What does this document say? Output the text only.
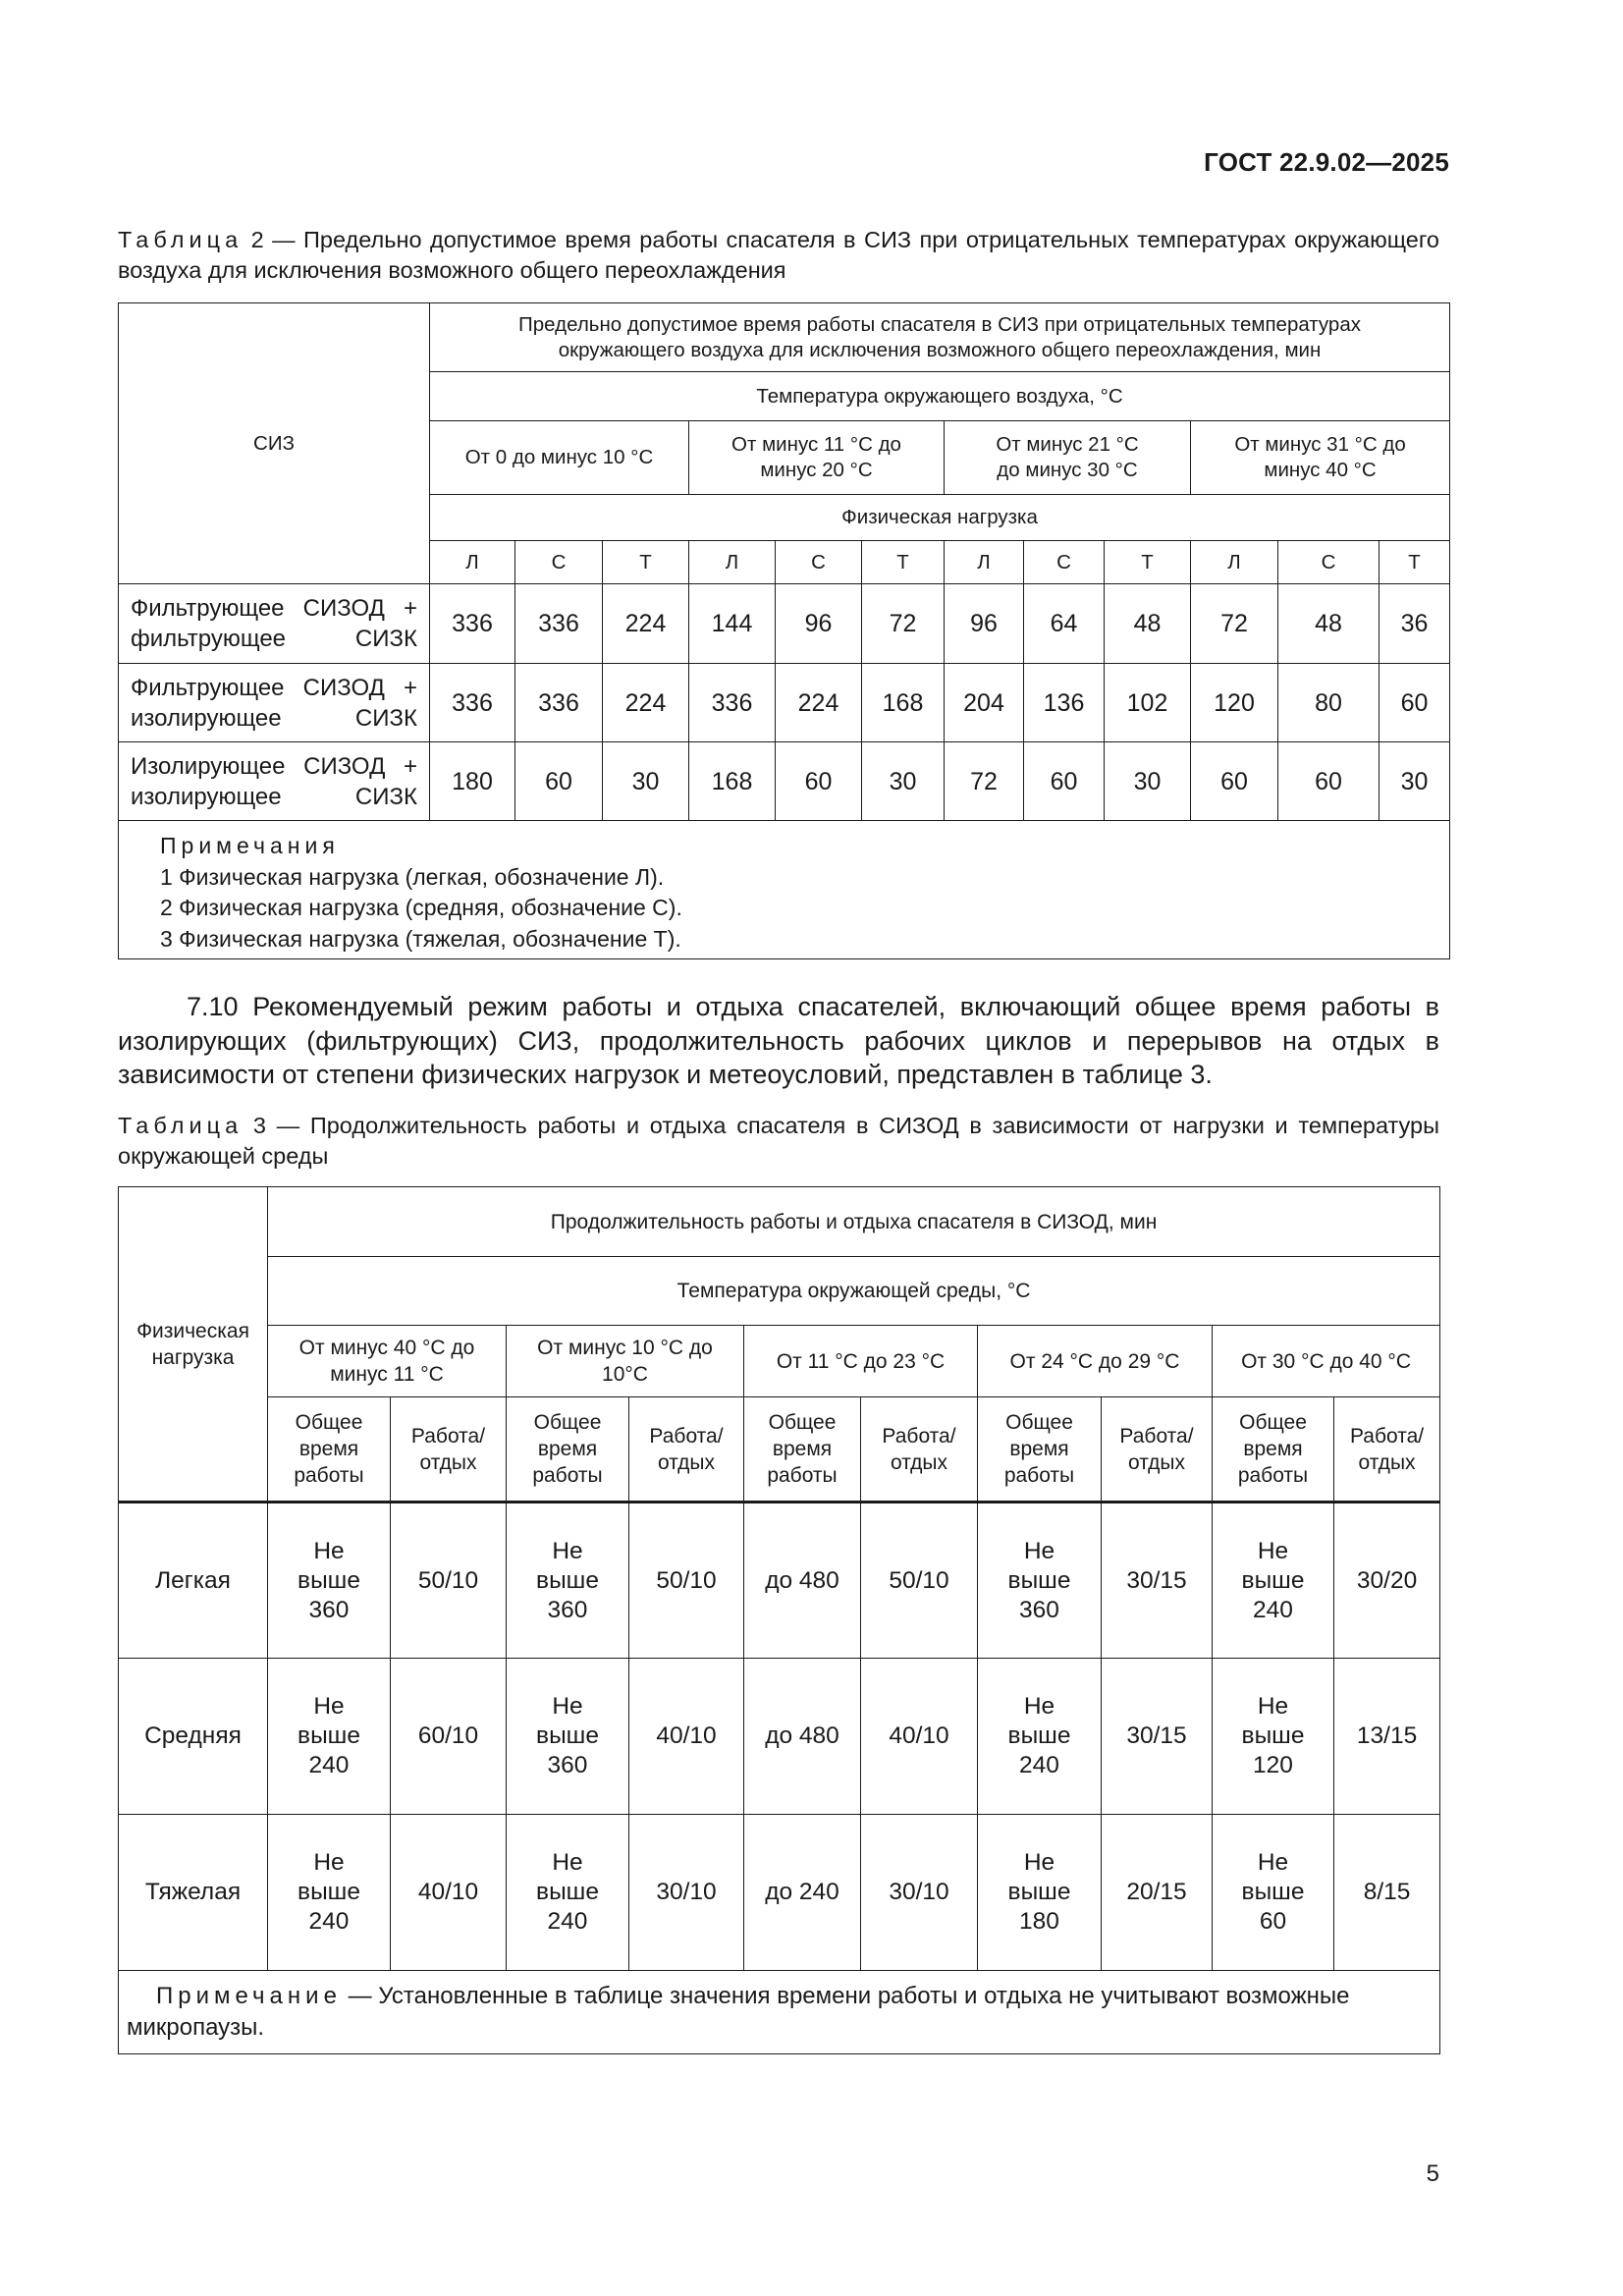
ГОСТ 22.9.02—2025
Таблица 2 — Предельно допустимое время работы спасателя в СИЗ при отрицательных температурах окружающего воздуха для исключения возможного общего переохлаждения
СИЗ	Предельно допустимое время работы спасателя в СИЗ при отрицательных температурах окружающего воздуха для исключения возможного общего переохлаждения, мин											
	Температура окружающего воздуха, °С											
	От 0 до минус 10 °С			От минус 11 °С до минус 20 °С			От минус 21 °С до минус 30 °С			От минус 31 °С до минус 40 °С		
	Физическая нагрузка											
	Л	С	Т	Л	С	Т	Л	С	Т	Л	С	Т

Фильтрующее СИЗОД +
фильтрующее СИЗК	336	336	224	144	96	72	96	64	48	72	48	36

Фильтрующее СИЗОД +
изолирующее СИЗК	336	336	224	336	224	168	204	136	102	120	80	60

Изолирующее СИЗОД +
изолирующее СИЗК	180	60	30	168	60	30	72	60	30	60	60	30

Примечания
1 Физическая нагрузка (легкая, обозначение Л).
2 Физическая нагрузка (средняя, обозначение С).
3 Физическая нагрузка (тяжелая, обозначение Т).												
7.10 Рекомендуемый режим работы и отдыха спасателей, включающий общее время работы в изолирующих (фильтрующих) СИЗ, продолжительность рабочих циклов и перерывов на отдых в зависимости от степени физических нагрузок и метеоусловий, представлен в таблице 3.
Таблица 3 — Продолжительность работы и отдыха спасателя в СИЗОД в зависимости от нагрузки и температуры окружающей среды
Физическая нагрузка	Продолжительность работы и отдыха спасателя в СИЗОД, мин									
	Температура окружающей среды, °С									
	От минус 40 °С до минус 11 °С		От минус 10 °С до 10°С		От 11 °С до 23 °С		От 24 °С до 29 °С		От 30 °С до 40 °С	
	Общее время работы	Работа/ отдых	Общее время работы	Работа/ отдых	Общее время работы	Работа/ отдых	Общее время работы	Работа/ отдых	Общее время работы	Работа/ отдых
Легкая	Не выше 360	50/10	Не выше 360	50/10	до 480	50/10	Не выше 360	30/15	Не выше 240	30/20
Средняя	Не выше 240	60/10	Не выше 360	40/10	до 480	40/10	Не выше 240	30/15	Не выше 120	13/15
Тяжелая	Не выше 240	40/10	Не выше 240	30/10	до 240	30/10	Не выше 180	20/15	Не выше 60	8/15
Примечание — Установленные в таблице значения времени работы и отдыха не учитывают возможные микропаузы.										
5
